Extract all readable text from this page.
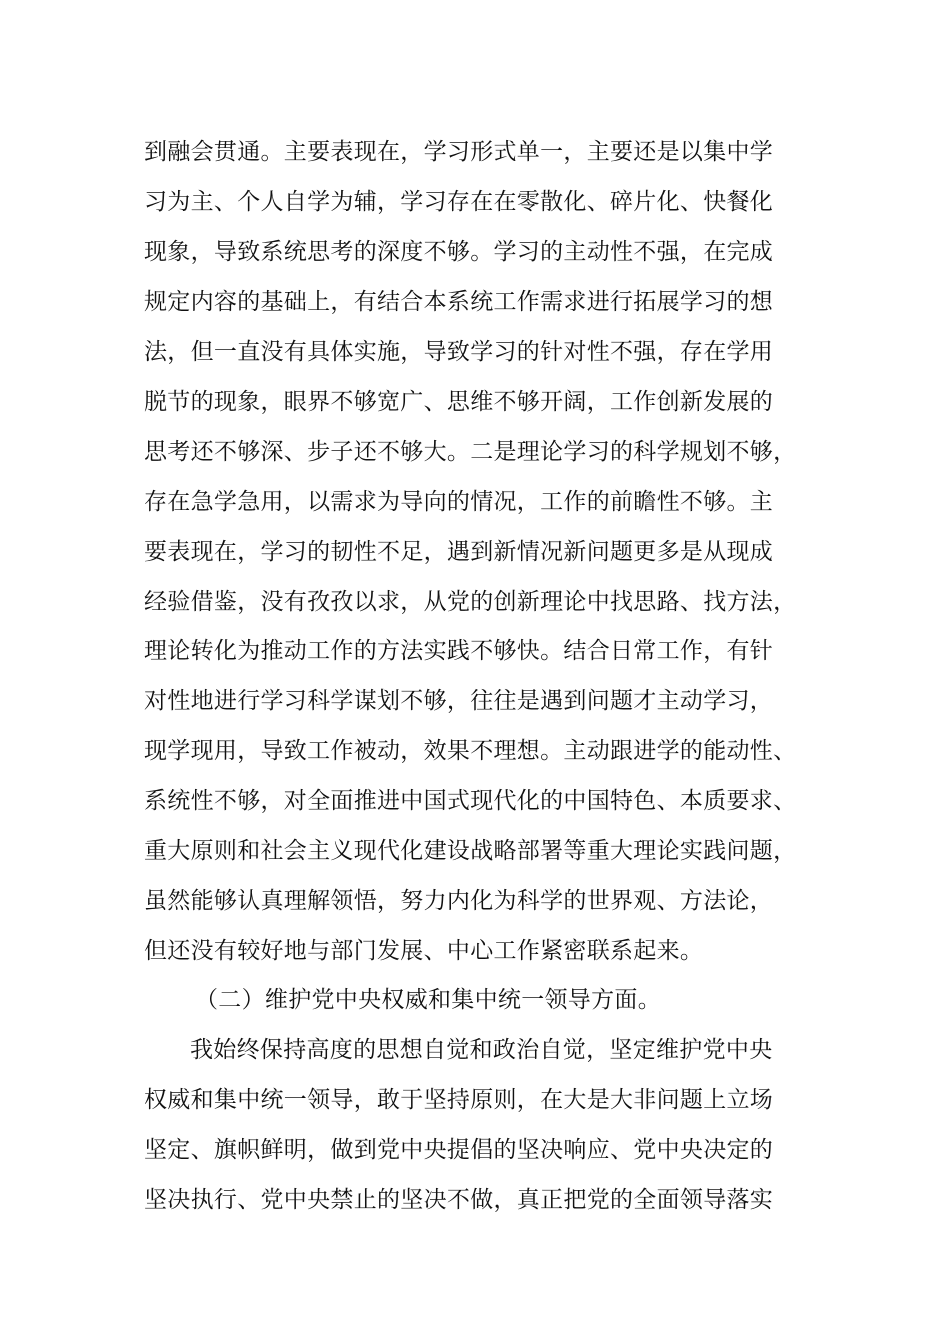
到融会贯通。主要表现在，学习形式单一，主要还是以集中学
习为主、个人自学为辅，学习存在在零散化、碎片化、快餐化
现象，导致系统思考的深度不够。学习的主动性不强，在完成
规定内容的基础上，有结合本系统工作需求进行拓展学习的想
法，但一直没有具体实施，导致学习的针对性不强，存在学用
脱节的现象，眼界不够宽广、思维不够开阔，工作创新发展的
思考还不够深、步子还不够大。二是理论学习的科学规划不够，
存在急学急用，以需求为导向的情况，工作的前瞻性不够。主
要表现在，学习的韧性不足，遇到新情况新问题更多是从现成
经验借鉴，没有孜孜以求，从党的创新理论中找思路、找方法，
理论转化为推动工作的方法实践不够快。结合日常工作，有针
对性地进行学习科学谋划不够，往往是遇到问题才主动学习，
现学现用，导致工作被动，效果不理想。主动跟进学的能动性、
系统性不够，对全面推进中国式现代化的中国特色、本质要求、
重大原则和社会主义现代化建设战略部署等重大理论实践问题，
虽然能够认真理解领悟，努力内化为科学的世界观、方法论，
但还没有较好地与部门发展、中心工作紧密联系起来。
（二）维护党中央权威和集中统一领导方面。
我始终保持高度的思想自觉和政治自觉，坚定维护党中央
权威和集中统一领导，敢于坚持原则，在大是大非问题上立场
坚定、旗帜鲜明，做到党中央提倡的坚决响应、党中央决定的
坚决执行、党中央禁止的坚决不做，真正把党的全面领导落实
